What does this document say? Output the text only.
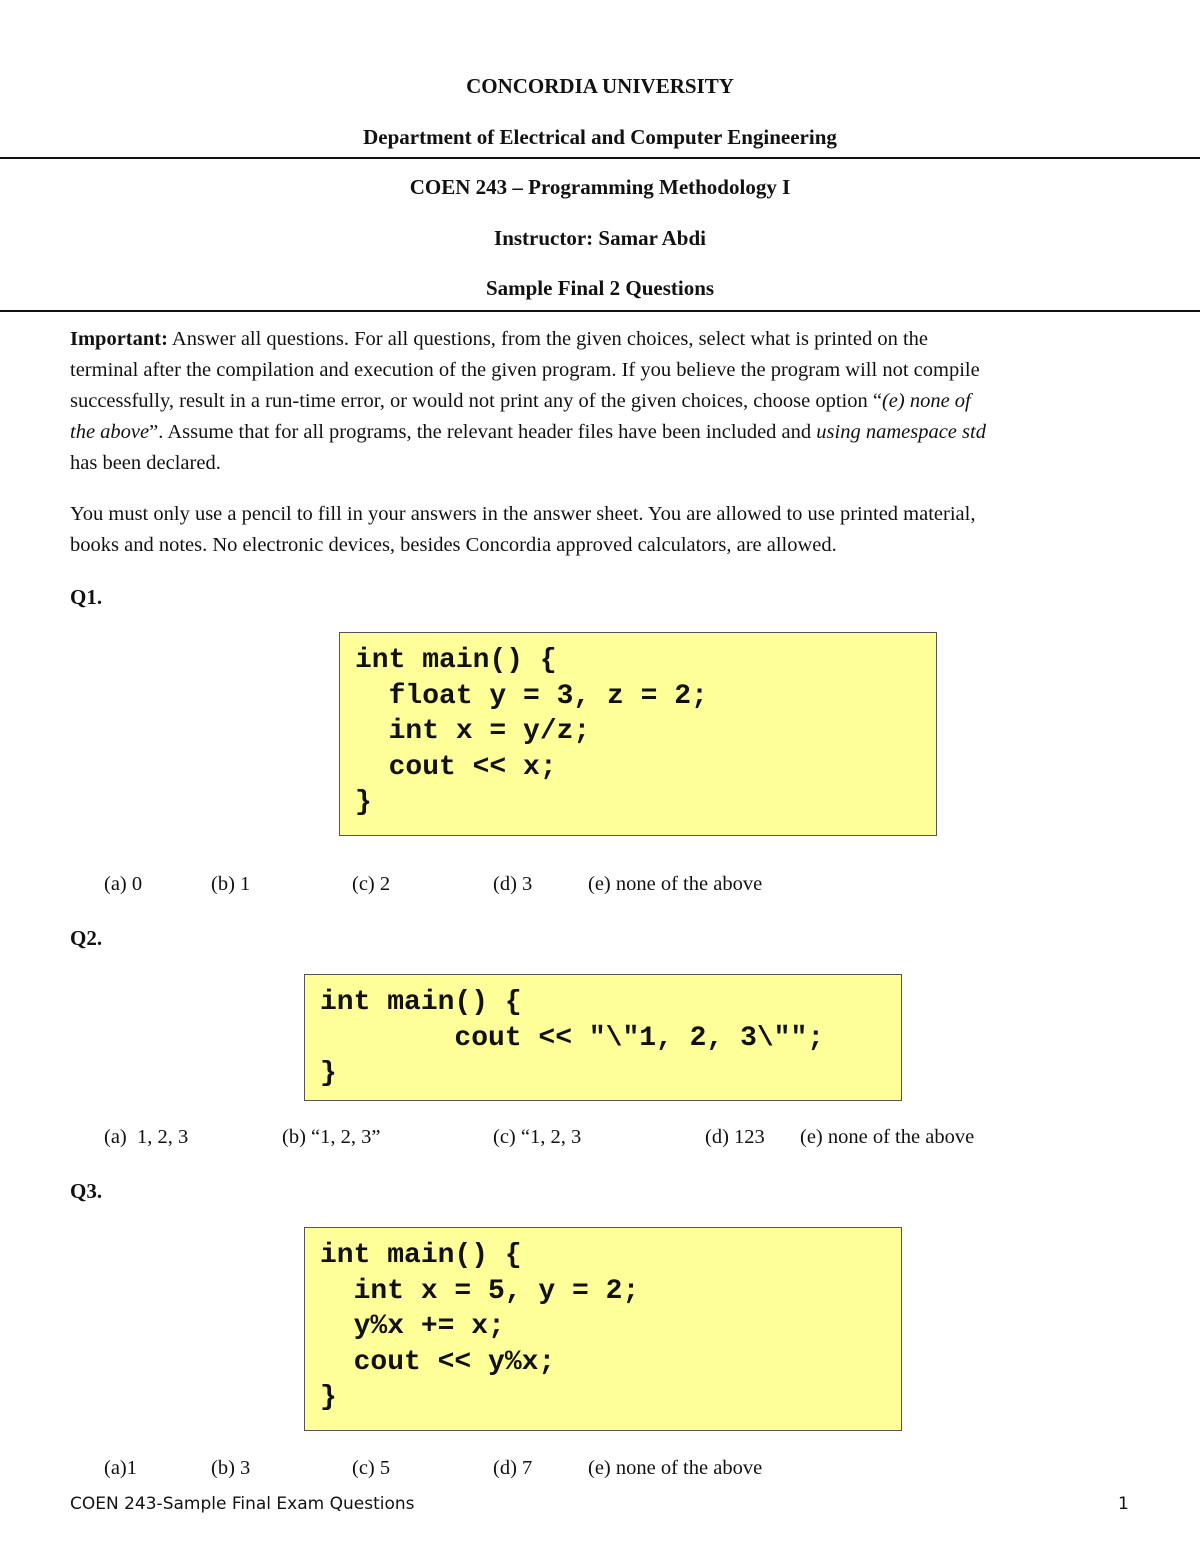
CONCORDIA UNIVERSITY
Department of Electrical and Computer Engineering
COEN 243 – Programming Methodology I
Instructor: Samar Abdi
Sample Final 2 Questions
Important: Answer all questions. For all questions, from the given choices, select what is printed on the
terminal after the compilation and execution of the given program. If you believe the program will not compile
successfully, result in a run-time error, or would not print any of the given choices, choose option “(e) none of
the above”. Assume that for all programs, the relevant header files have been included and using namespace std
has been declared.
You must only use a pencil to fill in your answers in the answer sheet. You are allowed to use printed material,
books and notes. No electronic devices, besides Concordia approved calculators, are allowed.
Q1.
int main() {
float y = 3, z = 2;
int x = y/z;
cout << x;
}
(a) 0	(b) 1	(c) 2	(d) 3	(e) none of the above
Q2.
int main() {
cout << "\"1, 2, 3\"";
}
(a)  1, 2, 3	(b) “1, 2, 3”	(c) “1, 2, 3	(d) 123 (e) none of the above
Q3.
int main() {
int x = 5, y = 2;
y%x += x;
cout << y%x;
}
(a)1	(b) 3	(c) 5	(d) 7	(e) none of the above
COEN 243-Sample Final Exam Questions	1
